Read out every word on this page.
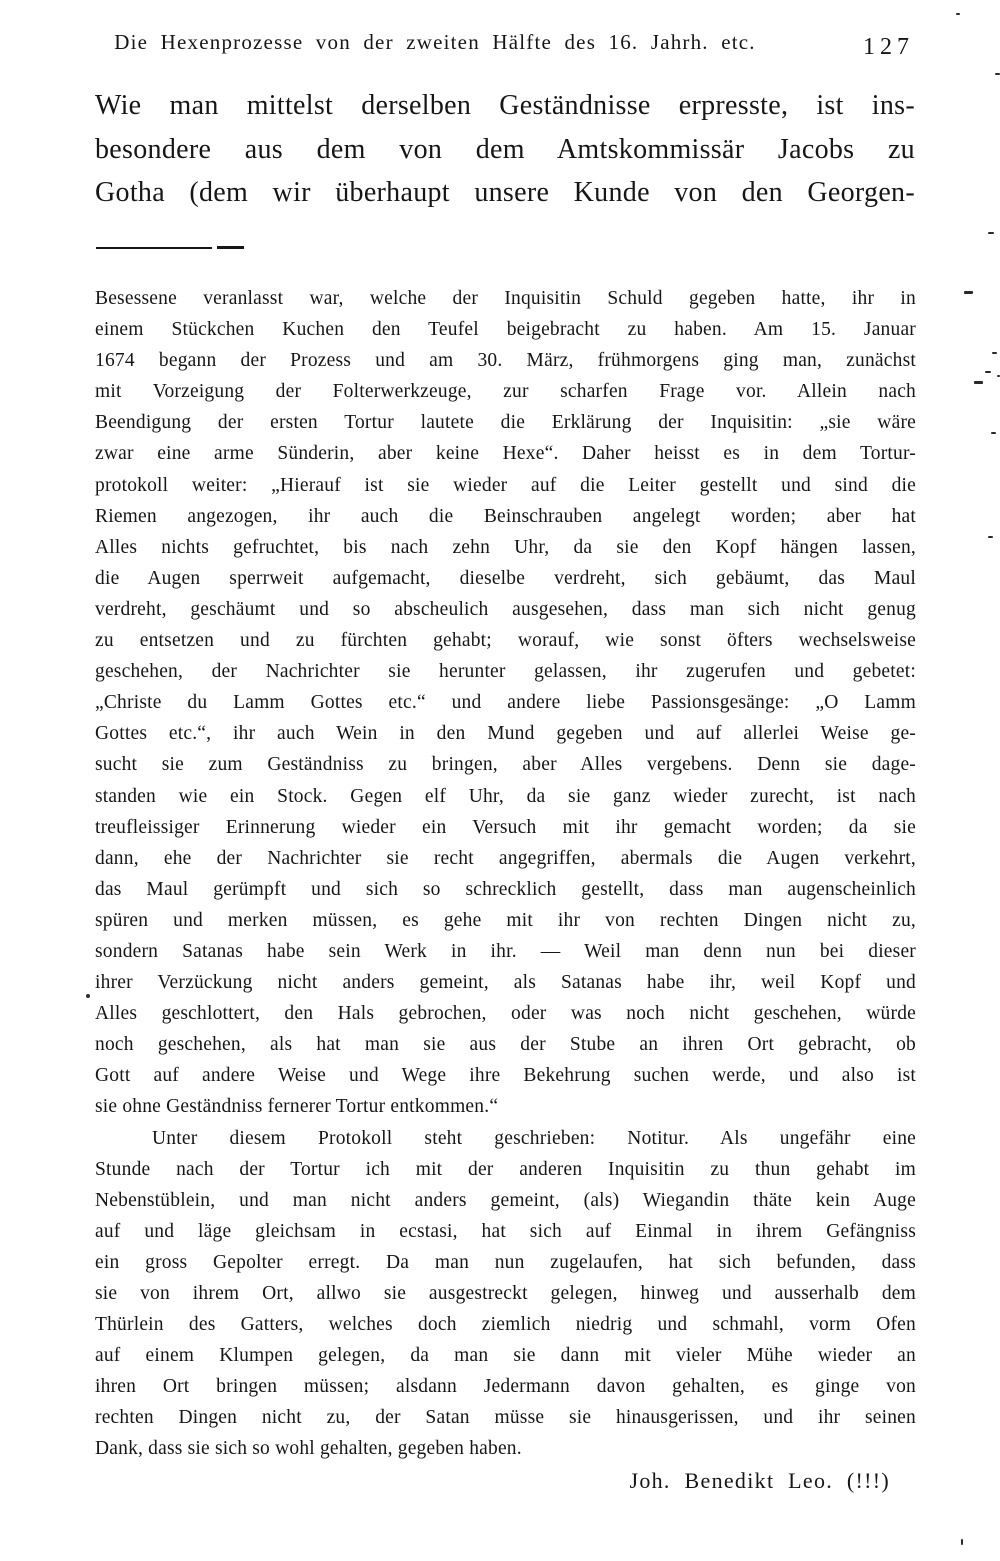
Die Hexenprozesse von der zweiten Hälfte des 16. Jahrh. etc.	127
Wie man mittelst derselben Geständnisse erpresste, ist ins-
besondere aus dem von dem Amtskommissär Jacobs zu
Gotha (dem wir überhaupt unsere Kunde von den Georgen-
Besessene veranlasst war, welche der Inquisitin Schuld gegeben hatte, ihr in
einem Stückchen Kuchen den Teufel beigebracht zu haben. Am 15. Januar
1674 begann der Prozess und am 30. März, frühmorgens ging man, zunächst
mit Vorzeigung der Folterwerkzeuge, zur scharfen Frage vor. Allein nach
Beendigung der ersten Tortur lautete die Erklärung der Inquisitin: „sie wäre
zwar eine arme Sünderin, aber keine Hexe“. Daher heisst es in dem Tortur-
protokoll weiter: „Hierauf ist sie wieder auf die Leiter gestellt und sind die
Riemen angezogen, ihr auch die Beinschrauben angelegt worden; aber hat
Alles nichts gefruchtet, bis nach zehn Uhr, da sie den Kopf hängen lassen,
die Augen sperrweit aufgemacht, dieselbe verdreht, sich gebäumt, das Maul
verdreht, geschäumt und so abscheulich ausgesehen, dass man sich nicht genug
zu entsetzen und zu fürchten gehabt; worauf, wie sonst öfters wechselsweise
geschehen, der Nachrichter sie herunter gelassen, ihr zugerufen und gebetet:
„Christe du Lamm Gottes etc.“ und andere liebe Passionsgesänge: „O Lamm
Gottes etc.“, ihr auch Wein in den Mund gegeben und auf allerlei Weise ge-
sucht sie zum Geständniss zu bringen, aber Alles vergebens. Denn sie dage-
standen wie ein Stock. Gegen elf Uhr, da sie ganz wieder zurecht, ist nach
treufleissiger Erinnerung wieder ein Versuch mit ihr gemacht worden; da sie
dann, ehe der Nachrichter sie recht angegriffen, abermals die Augen verkehrt,
das Maul gerümpft und sich so schrecklich gestellt, dass man augenscheinlich
spüren und merken müssen, es gehe mit ihr von rechten Dingen nicht zu,
sondern Satanas habe sein Werk in ihr. — Weil man denn nun bei dieser
ihrer Verzückung nicht anders gemeint, als Satanas habe ihr, weil Kopf und
Alles geschlottert, den Hals gebrochen, oder was noch nicht geschehen, würde
noch geschehen, als hat man sie aus der Stube an ihren Ort gebracht, ob
Gott auf andere Weise und Wege ihre Bekehrung suchen werde, und also ist
sie ohne Geständniss fernerer Tortur entkommen.“
Unter diesem Protokoll steht geschrieben: Notitur. Als ungefähr eine
Stunde nach der Tortur ich mit der anderen Inquisitin zu thun gehabt im
Nebenstüblein, und man nicht anders gemeint, (als) Wiegandin thäte kein Auge
auf und läge gleichsam in ecstasi, hat sich auf Einmal in ihrem Gefängniss
ein gross Gepolter erregt. Da man nun zugelaufen, hat sich befunden, dass
sie von ihrem Ort, allwo sie ausgestreckt gelegen, hinweg und ausserhalb dem
Thürlein des Gatters, welches doch ziemlich niedrig und schmahl, vorm Ofen
auf einem Klumpen gelegen, da man sie dann mit vieler Mühe wieder an
ihren Ort bringen müssen; alsdann Jedermann davon gehalten, es ginge von
rechten Dingen nicht zu, der Satan müsse sie hinausgerissen, und ihr seinen
Dank, dass sie sich so wohl gehalten, gegeben haben.
Joh. Benedikt Leo. (!!!)
